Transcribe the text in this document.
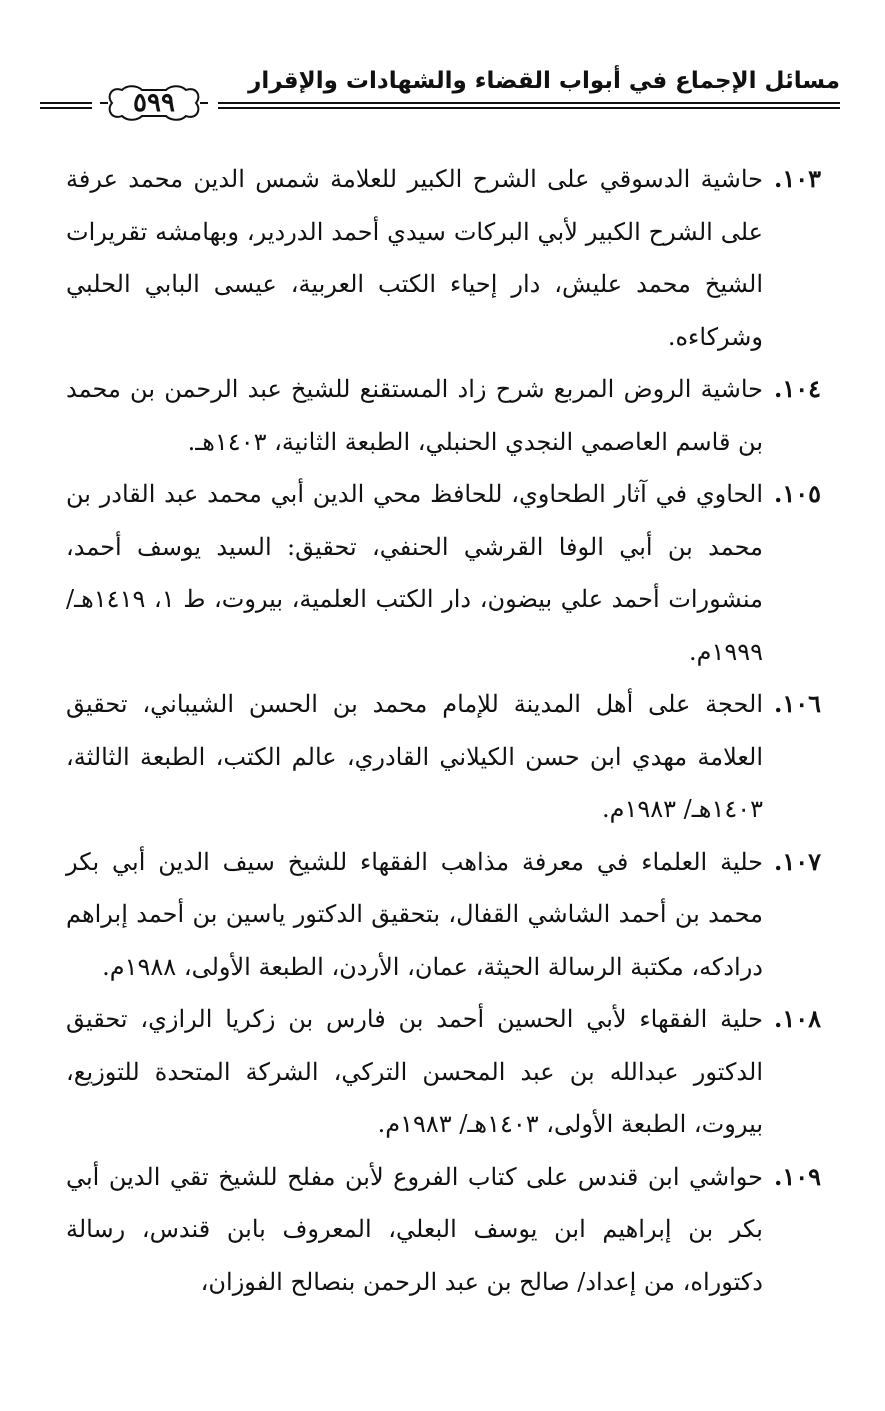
مسائل الإجماع في أبواب القضاء والشهادات والإقرار
٥٩٩
١٠٣.
حاشية الدسوقي على الشرح الكبير للعلامة شمس الدين محمد عرفة على الشرح الكبير لأبي البركات سيدي أحمد الدردير، وبهامشه تقريرات الشيخ محمد عليش، دار إحياء الكتب العربية، عيسى البابي الحلبي وشركاءه.
١٠٤.
حاشية الروض المربع شرح زاد المستقنع للشيخ عبد الرحمن بن محمد بن قاسم العاصمي النجدي الحنبلي، الطبعة الثانية، ١٤٠٣هـ.
١٠٥.
الحاوي في آثار الطحاوي، للحافظ محي الدين أبي محمد عبد القادر بن محمد بن أبي الوفا القرشي الحنفي، تحقيق: السيد يوسف أحمد، منشورات أحمد علي بيضون، دار الكتب العلمية، بيروت، ط ١، ١٤١٩هـ/ ١٩٩٩م.
١٠٦.
الحجة على أهل المدينة للإمام محمد بن الحسن الشيباني، تحقيق العلامة مهدي ابن حسن الكيلاني القادري، عالم الكتب، الطبعة الثالثة، ١٤٠٣هـ/ ١٩٨٣م.
١٠٧.
حلية العلماء في معرفة مذاهب الفقهاء للشيخ سيف الدين أبي بكر محمد بن أحمد الشاشي القفال، بتحقيق الدكتور ياسين بن أحمد إبراهم درادكه، مكتبة الرسالة الحيثة، عمان، الأردن، الطبعة الأولى، ١٩٨٨م.
١٠٨.
حلية الفقهاء لأبي الحسين أحمد بن فارس بن زكريا الرازي، تحقيق الدكتور عبدالله بن عبد المحسن التركي، الشركة المتحدة للتوزيع، بيروت، الطبعة الأولى، ١٤٠٣هـ/ ١٩٨٣م.
١٠٩.
حواشي ابن قندس على كتاب الفروع لأبن مفلح للشيخ تقي الدين أبي بكر بن إبراهيم ابن يوسف البعلي، المعروف بابن قندس، رسالة دكتوراه، من إعداد/ صالح بن عبد الرحمن بنصالح الفوزان،
